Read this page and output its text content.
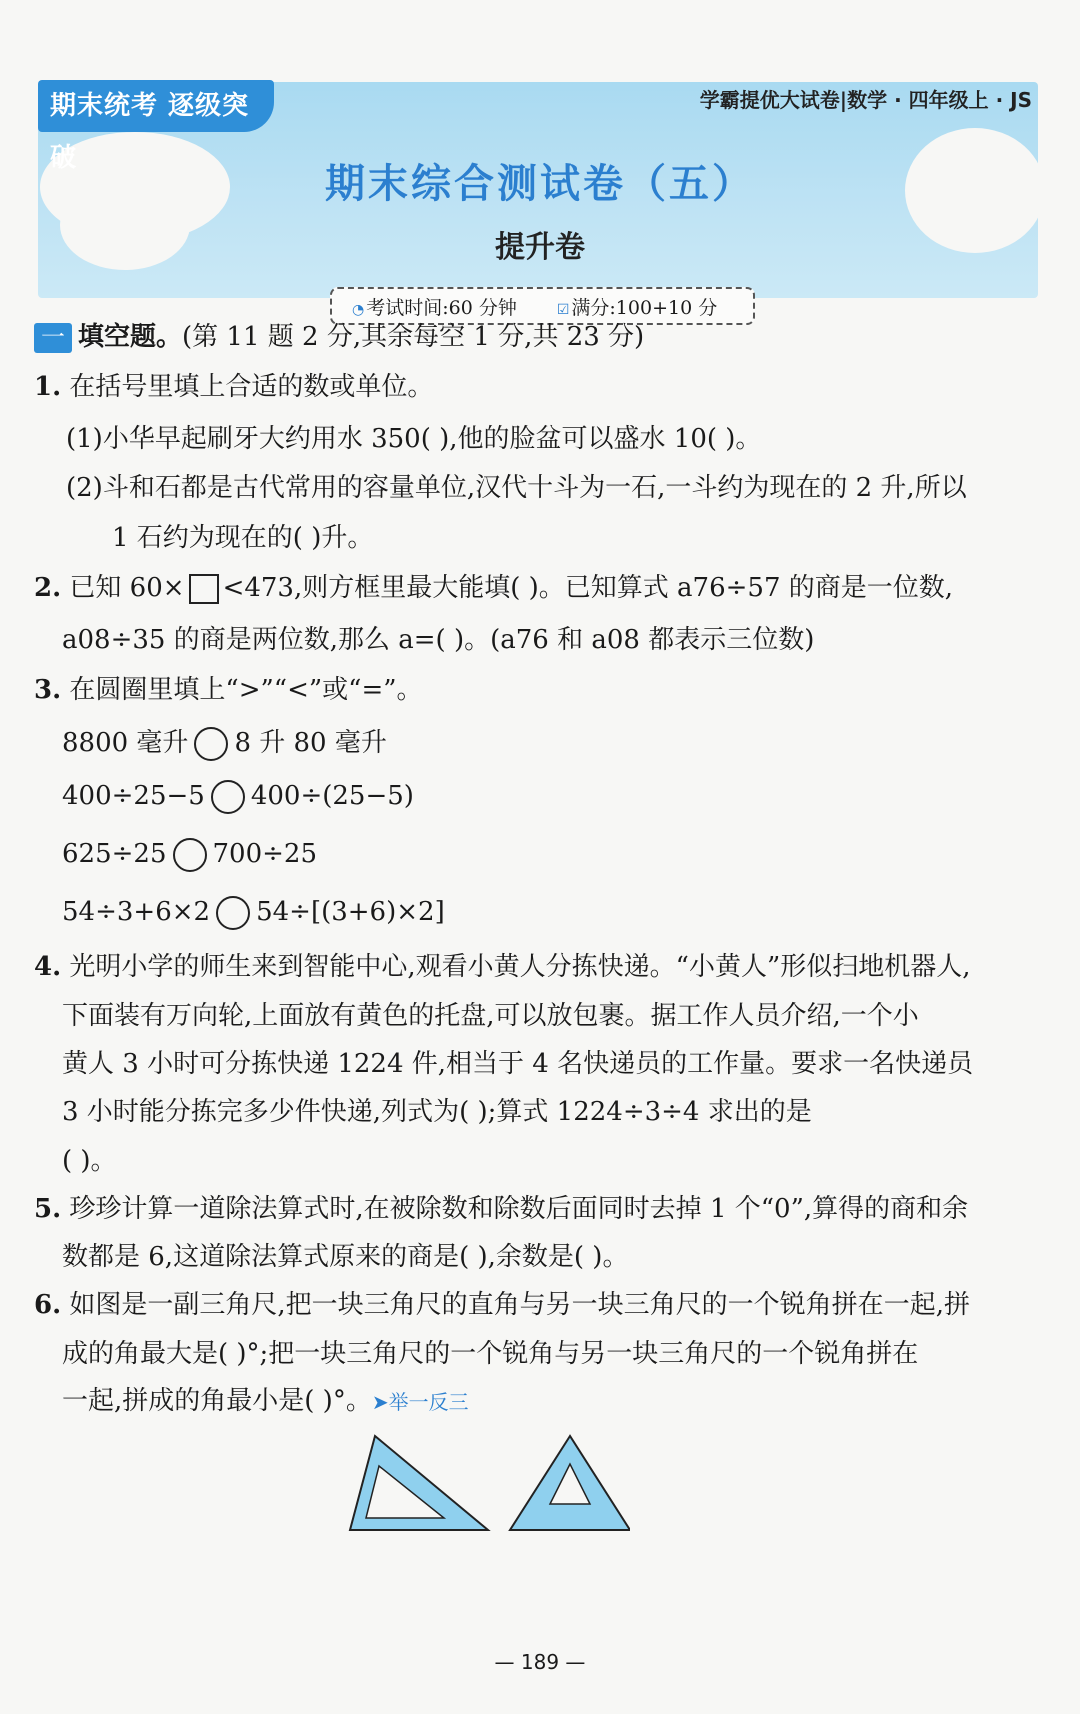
期末统考 逐级突破
学霸提优大试卷|数学 · 四年级上 · JS
期末综合测试卷（五）
提升卷
◔ 考试时间:60 分钟	☑ 满分:100+10 分
一 填空题。(第 11 题 2 分,其余每空 1 分,共 23 分)
1. 在括号里填上合适的数或单位。
(1)小华早起刷牙大约用水 350( ),他的脸盆可以盛水 10( )。
(2)斗和石都是古代常用的容量单位,汉代十斗为一石,一斗约为现在的 2 升,所以
1 石约为现在的( )升。
2. 已知 60× <473,则方框里最大能填( )。已知算式 a76÷57 的商是一位数,
a08÷35 的商是两位数,那么 a=( )。(a76 和 a08 都表示三位数)
3. 在圆圈里填上“>”“<”或“=”。
8800 毫升 8 升 80 毫升
400÷25−5 400÷(25−5)
625÷25 700÷25
54÷3+6×2 54÷[(3+6)×2]
4. 光明小学的师生来到智能中心,观看小黄人分拣快递。“小黄人”形似扫地机器人,
下面装有万向轮,上面放有黄色的托盘,可以放包裹。据工作人员介绍,一个小
黄人 3 小时可分拣快递 1224 件,相当于 4 名快递员的工作量。要求一名快递员
3 小时能分拣完多少件快递,列式为( );算式 1224÷3÷4 求出的是
( )。
5. 珍珍计算一道除法算式时,在被除数和除数后面同时去掉 1 个“0”,算得的商和余
数都是 6,这道除法算式原来的商是( ),余数是( )。
6. 如图是一副三角尺,把一块三角尺的直角与另一块三角尺的一个锐角拼在一起,拼
成的角最大是( )°;把一块三角尺的一个锐角与另一块三角尺的一个锐角拼在
一起,拼成的角最小是( )°。➤举一反三
— 189 —
